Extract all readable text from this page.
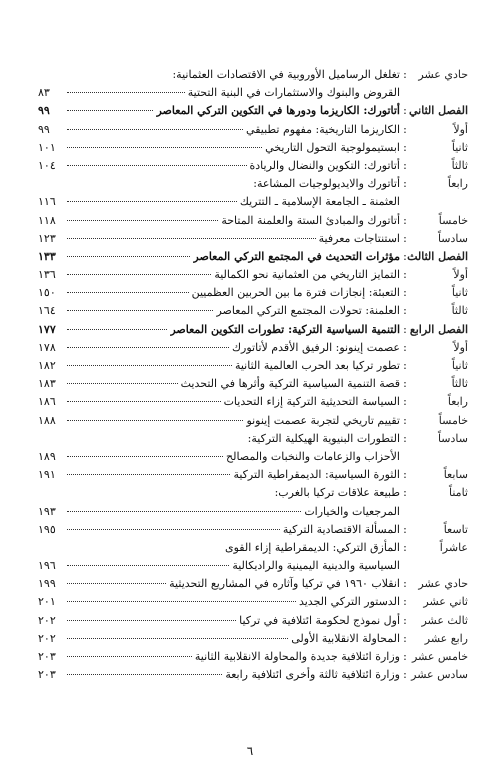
حادي عشر
:
تغلغل الرساميل الأوروبية في الاقتصادات العثمانية:
القروض والبنوك والاستثمارات في البنية التحتية
٨٣
الفصل الثاني
:
أتاتورك: الكاريزما ودورها في التكوين التركي المعاصر
٩٩
أولاً
:
الكاريزما التاريخية: مفهوم تطبيقي
٩٩
ثانياً
:
ابستيمولوجية التحول التاريخي
١٠١
ثالثاً
:
أتاتورك: التكوين والنضال والريادة
١٠٤
رابعاً
:
أتاتورك والايديولوجيات المشاعة:
العثمنة ـ الجامعة الإسلامية ـ التتريك
١١٦
خامساً
:
أتاتورك والمبادئ الستة والعلمنة المتاحة
١١٨
سادساً
:
استنتاجات معرفية
١٢٣
الفصل الثالث
:
مؤثرات التحديث في المجتمع التركي المعاصر
١٣٣
أولاً
:
التمايز التاريخي من العثمانية نحو الكمالية
١٣٦
ثانياً
:
التعبئة: إنجازات فترة ما بين الحربين العظميين
١٥٠
ثالثاً
:
العلمنة: تحولات المجتمع التركي المعاصر
١٦٤
الفصل الرابع
:
التنمية السياسية التركية: تطورات التكوين المعاصر
١٧٧
أولاً
:
عصمت إينونو: الرفيق الأقدم لأتاتورك
١٧٨
ثانياً
:
تطور تركيا بعد الحرب العالمية الثانية
١٨٢
ثالثاً
:
قصة التنمية السياسية التركية وأثرها في التحديث
١٨٣
رابعاً
:
السياسة التحديثية التركية إزاء التحديات
١٨٦
خامساً
:
تقييم تاريخي لتجربة عصمت إينونو
١٨٨
سادساً
:
التطورات البنيوية الهيكلية التركية:
الأحزاب والزعامات والنخبات والمصالح
١٨٩
سابعاً
:
الثورة السياسية: الديمقراطية التركية
١٩١
ثامناً
:
طبيعة علاقات تركيا بالغرب:
المرجعيات والخيارات
١٩٣
تاسعاً
:
المسألة الاقتصادية التركية
١٩٥
عاشراً
:
المأزق التركي: الديمقراطية إزاء القوى
السياسية والدينية اليمينية والراديكالية
١٩٦
حادي عشر
:
انقلاب ١٩٦٠ في تركيا وآثاره في المشاريع التحديثية
١٩٩
ثاني عشر
:
الدستور التركي الجديد
٢٠١
ثالث عشر
:
أول نموذج لحكومة ائتلافية في تركيا
٢٠٢
رابع عشر
:
المحاولة الانقلابية الأولى
٢٠٢
خامس عشر
:
وزارة ائتلافية جديدة والمحاولة الانقلابية الثانية
٢٠٣
سادس عشر
:
وزارة ائتلافية ثالثة وأخرى ائتلافية رابعة
٢٠٣
٦
